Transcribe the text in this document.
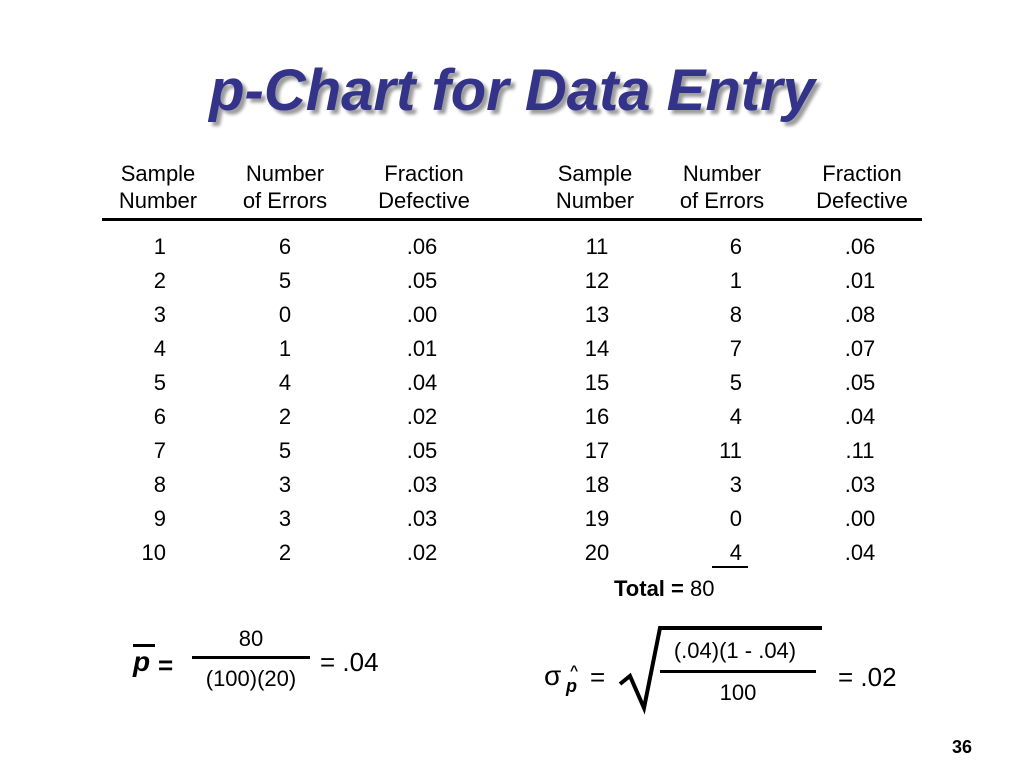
p-Chart for Data Entry
Sample
Number
Number
of Errors
Fraction
Defective
Sample
Number
Number
of Errors
Fraction
Defective
1
2
3
4
5
6
7
8
9
10
6
5
0
1
4
2
5
3
3
2
.06
.05
.00
.01
.04
.02
.05
.03
.03
.02
11
12
13
14
15
16
17
18
19
20
6
1
8
7
5
4
11
3
0
4
.06
.01
.08
.07
.05
.04
.11
.03
.00
.04
Total = 80
p =
80
(100)(20)
= .04	σ ^
p =
(.04)(1 - .04)
100
= .02
36
